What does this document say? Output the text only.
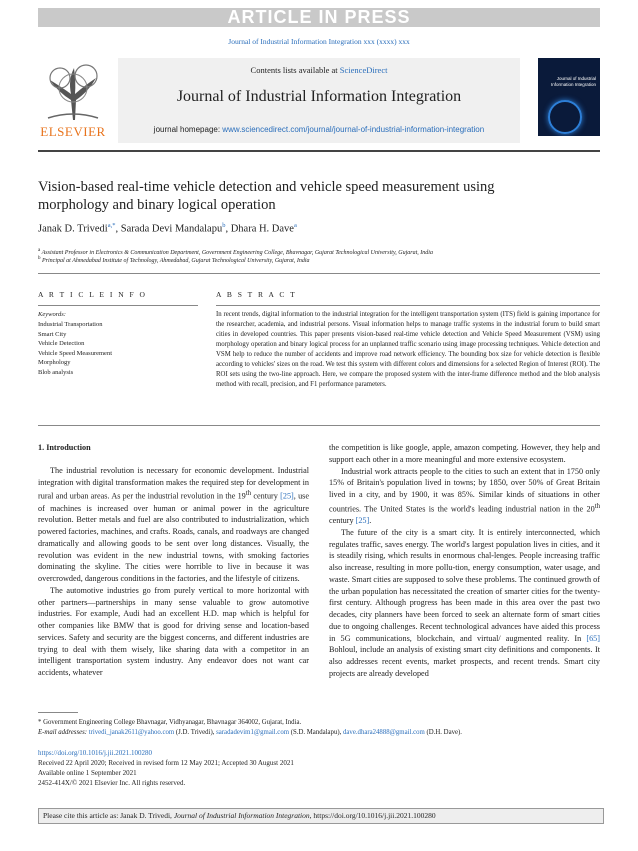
ARTICLE IN PRESS
Journal of Industrial Information Integration xxx (xxxx) xxx
ELSEVIER
Contents lists available at ScienceDirect
Journal of Industrial Information Integration
journal homepage: www.sciencedirect.com/journal/journal-of-industrial-information-integration
Journal of Industrial Information Integration
Vision-based real-time vehicle detection and vehicle speed measurement using morphology and binary logical operation
Janak D. Trivedi$^{a,*}$, Sarada Devi Mandalapu$^b$, Dhara H. Dave$^a$
$^a$ Assistant Professor in Electronics & Communication Department, Government Engineering College, Bhavnagar, Gujarat Technological University, Gujarat, India
$^b$ Principal at Ahmedabad Institute of Technology, Ahmedabad, Gujarat Technological University, Gujarat, India
A R T I C L E I N F O	A B S T R A C T
Keywords:
Industrial Transportation
Smart City
Vehicle Detection
Vehicle Speed Measurement
Morphology
Blob analysis
In recent trends, digital information to the industrial integration for the intelligent transportation system (ITS) field is gaining importance for the researcher, academia, and industrial persons. Visual information helps to manage traffic systems in the industrial forum to build smart cities in developed countries. This paper presents vision-based real-time vehicle detection and Vehicle Speed Measurement (VSM) using morphology operation and binary logical process for an unplanned traffic scenario using image processing techniques. Vehicle detection and VSM help to reduce the number of accidents and improve road network efficiency. The bounding box size for vehicle detection is flexible according to vehicles' sizes on the road. We test this system with different colors and dimensions for a selected Region of Interest (ROI). The ROI sets using the two-line approach. Here, we compare the proposed system with the inter-frame difference method and the blob analysis method with recall, precision, and F1 performance parameters.
1. Introduction

The industrial revolution is necessary for economic development. Industrial integration with digital transformation makes the required step for development in rural and urban areas. As per the industrial revolution in the 19th century [25], use of machines is increased over human or animal power in the agriculture revolution. Better metals and fuel are also contributed to industrialization, which powered factories, machines, and crafts. Roads, canals, and roadways are changed dramatically and allowing goods to be sent over long distances. Visually, the revolution was evident in the new industrial towns, with smoking factories dominating the skyline. The cities were horrible to live in because it was overcrowded, dangerous conditions in the factories, and the lifestyle of citizens.

The automotive industries go from purely vertical to more horizontal with other partners—partnerships in many sense valuable to grow automotive industries. For example, Audi had an excellent H.D. map which is helpful for other companies like BMW that is good for driving sense and location-based services. Safety and security are the biggest concerns, and different industries are trying to deal with them wisely, like sharing data with a competitor in an intelligent transportation system industry. Any endeavor does not want car accidents, whatever

the competition is like google, apple, amazon competing. However, they help and support each other in a more meaningful and more extensive ecosystem.

Industrial work attracts people to the cities to such an extent that in 1750 only 15% of Britain's population lived in towns; by 1850, over 50% of Great Britain lived in a city, and by 1900, it was 85%. Similar kinds of situations in other countries. The United States is the world's leading industrial nation in the 20th century [25].

The future of the city is a smart city. It is entirely interconnected, which regulates traffic, saves energy. The world's largest population lives in cities, and it is steadily rising, which results in enormous chal-lenges. People increasing traffic also increase, resulting in more pollu-tion, energy consumption, water usage, and waste. Smart cities are supposed to solve these problems. The continued growth of the urban population has necessitated the creation of smarter cities for the twenty-first century. Although progress has been made in this area over the past two decades, city planners have been forced to seek an alternate form of smart cities due to ongoing challenges. Recent technological advances have aided this process in 5G communications, blockchain, and virtual/ augmented reality. In [65] Bohloul, include an analysis of existing smart city definitions and components. It also addresses recent events, market prospects, and recent trends. Smart city projects are already developed

* Government Engineering College Bhavnagar, Vidhyanagar, Bhavnagar 364002, Gujarat, India.
E-mail addresses: trivedi_janak2611@yahoo.com (J.D. Trivedi), saradadevim1@gmail.com (S.D. Mandalapu), dave.dhara24888@gmail.com (D.H. Dave).
https://doi.org/10.1016/j.jii.2021.100280
Received 22 April 2020; Received in revised form 12 May 2021; Accepted 30 August 2021
Available online 1 September 2021
2452-414X/© 2021 Elsevier Inc. All rights reserved.
Please cite this article as: Janak D. Trivedi, Journal of Industrial Information Integration, https://doi.org/10.1016/j.jii.2021.100280
